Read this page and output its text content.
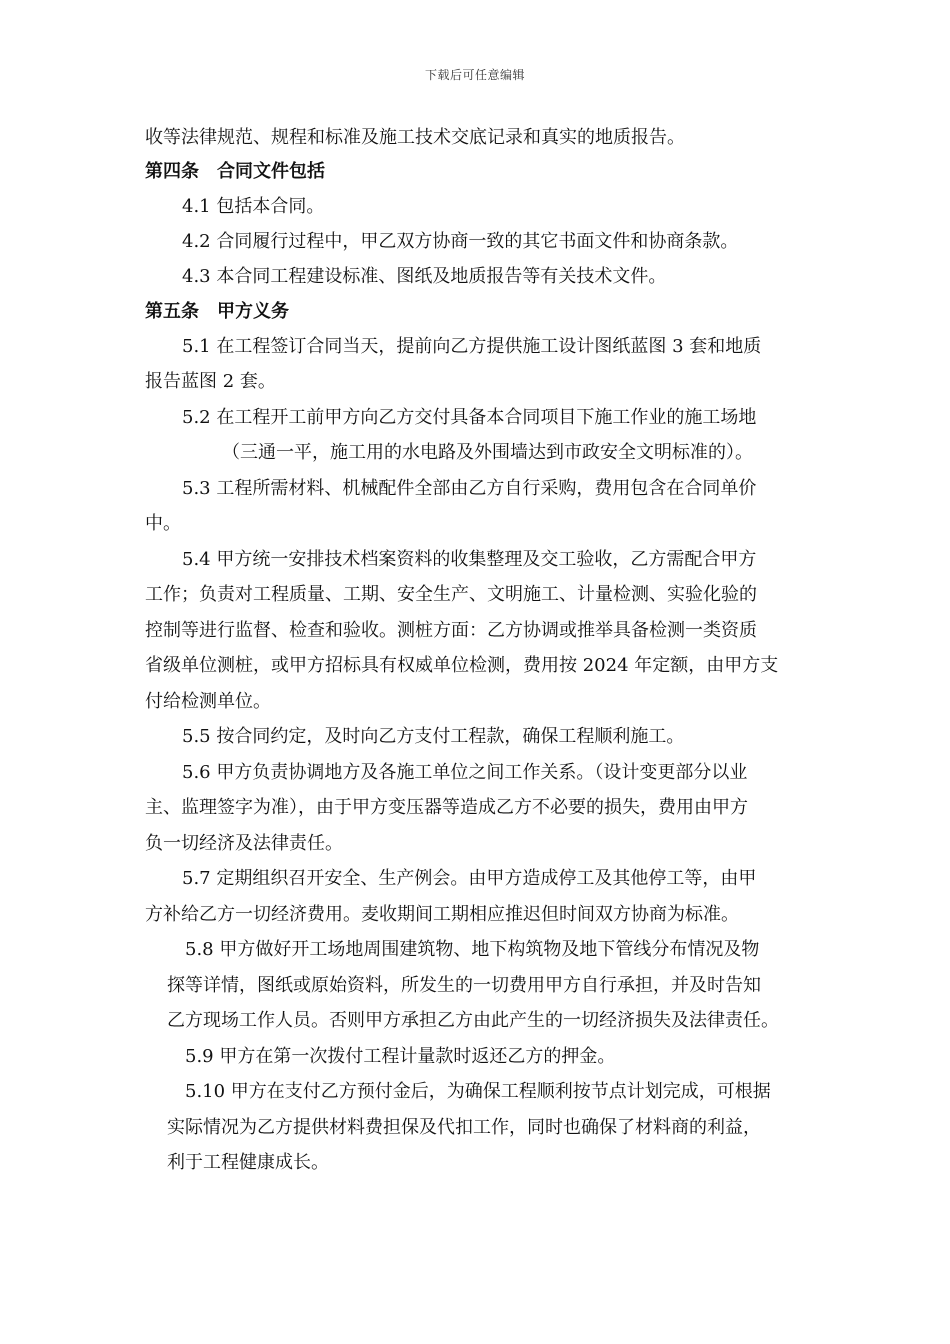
下载后可任意编辑
收等法律规范、规程和标准及施工技术交底记录和真实的地质报告。
第四条　合同文件包括
4.1 包括本合同。
4.2 合同履行过程中，甲乙双方协商一致的其它书面文件和协商条款。
4.3 本合同工程建设标准、图纸及地质报告等有关技术文件。
第五条　甲方义务
5.1 在工程签订合同当天，提前向乙方提供施工设计图纸蓝图 3 套和地质
报告蓝图 2 套。
5.2 在工程开工前甲方向乙方交付具备本合同项目下施工作业的施工场地
（三通一平，施工用的水电路及外围墙达到市政安全文明标准的）。
5.3 工程所需材料、机械配件全部由乙方自行采购，费用包含在合同单价
中。
5.4 甲方统一安排技术档案资料的收集整理及交工验收，乙方需配合甲方
工作；负责对工程质量、工期、安全生产、文明施工、计量检测、实验化验的
控制等进行监督、检查和验收。测桩方面：乙方协调或推举具备检测一类资质
省级单位测桩，或甲方招标具有权威单位检测，费用按 2024 年定额，由甲方支
付给检测单位。
5.5 按合同约定，及时向乙方支付工程款，确保工程顺利施工。
5.6 甲方负责协调地方及各施工单位之间工作关系。（设计变更部分以业
主、监理签字为准），由于甲方变压器等造成乙方不必要的损失，费用由甲方
负一切经济及法律责任。
5.7 定期组织召开安全、生产例会。由甲方造成停工及其他停工等，由甲
方补给乙方一切经济费用。麦收期间工期相应推迟但时间双方协商为标准。
5.8 甲方做好开工场地周围建筑物、地下构筑物及地下管线分布情况及物
探等详情，图纸或原始资料，所发生的一切费用甲方自行承担，并及时告知
乙方现场工作人员。否则甲方承担乙方由此产生的一切经济损失及法律责任。
5.9 甲方在第一次拨付工程计量款时返还乙方的押金。
5.10 甲方在支付乙方预付金后，为确保工程顺利按节点计划完成，可根据
实际情况为乙方提供材料费担保及代扣工作，同时也确保了材料商的利益，
利于工程健康成长。
